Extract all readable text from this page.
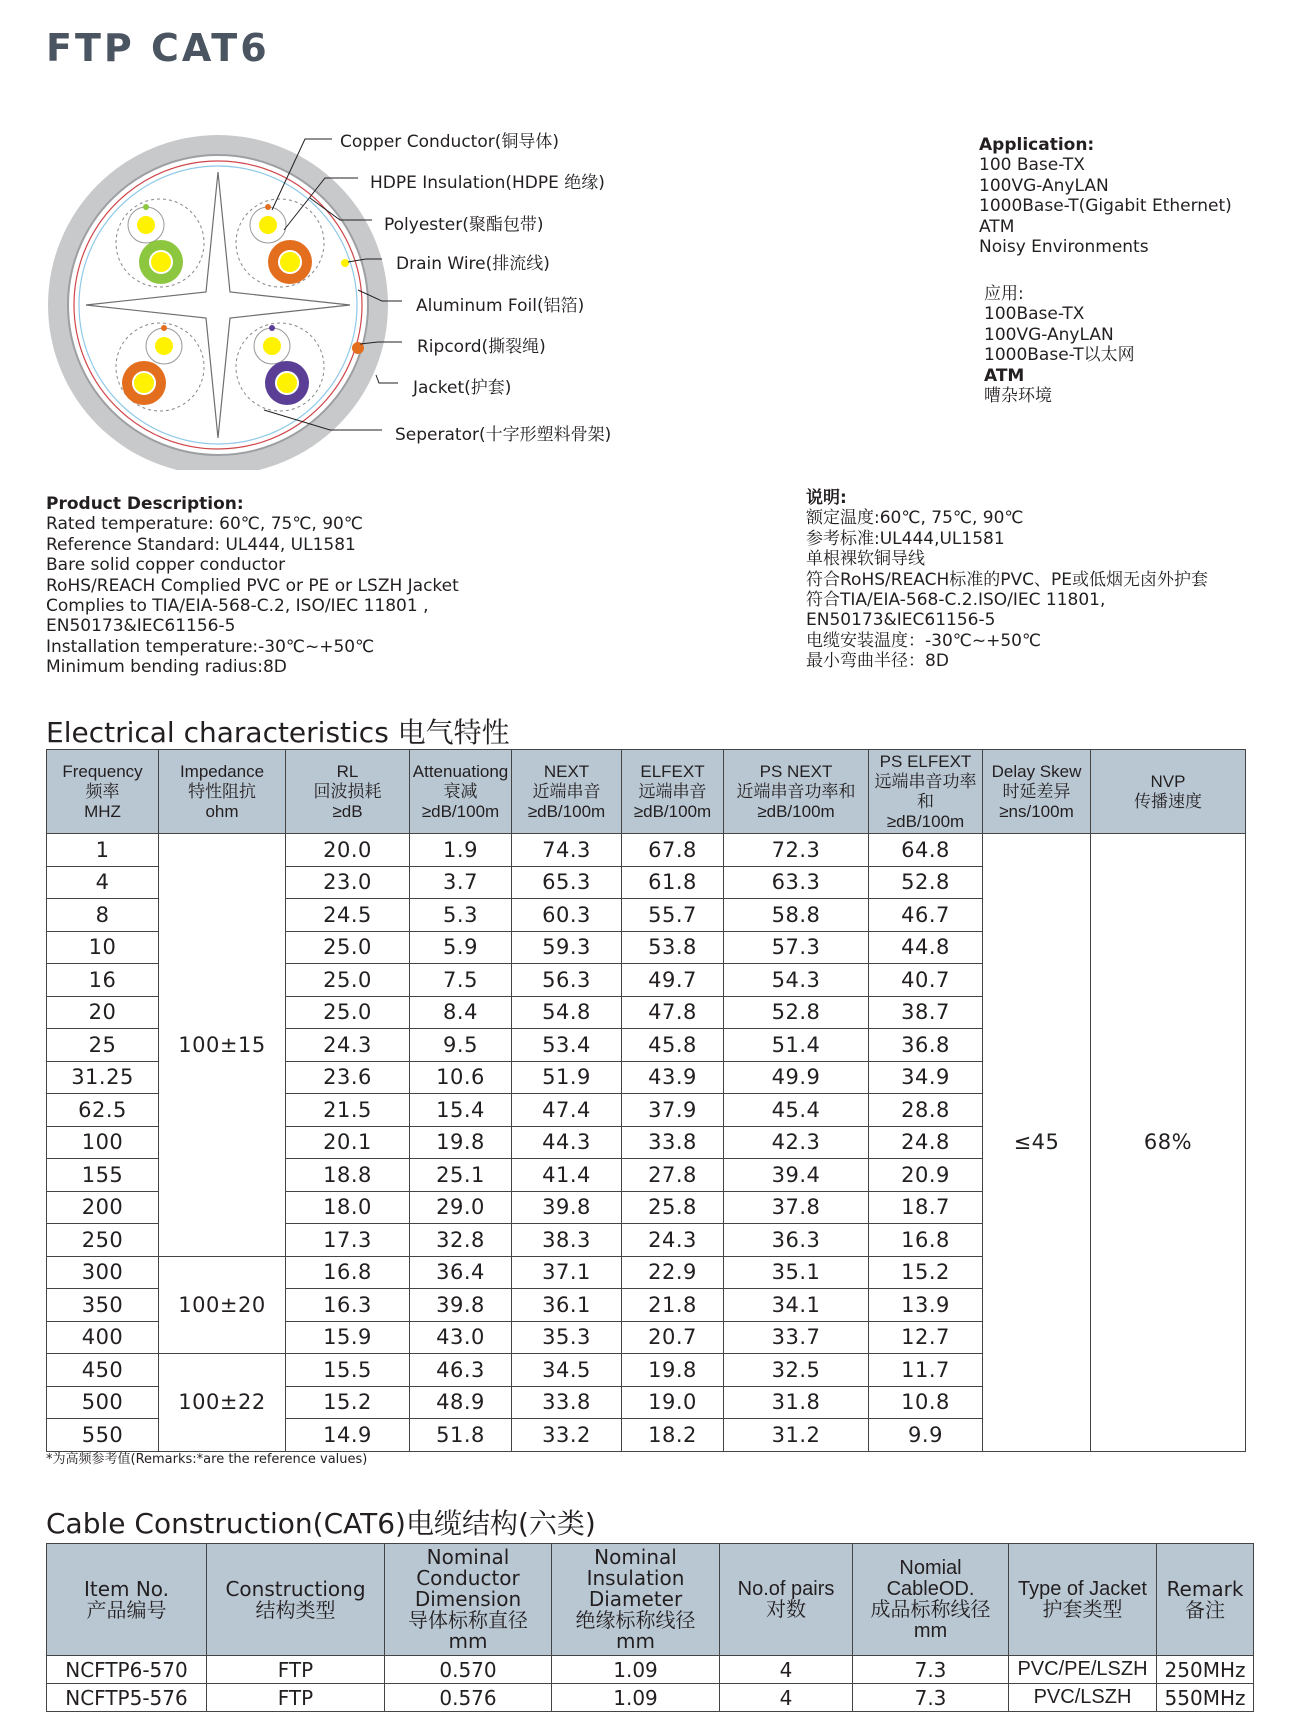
FTP CAT6
Copper Conductor(铜导体)
HDPE Insulation(HDPE 绝缘)
Polyester(聚酯包带)
Drain Wire(排流线)
Aluminum Foil(铝箔)
Ripcord(撕裂绳)
Jacket(护套)
Seperator(十字形塑料骨架)
Application:
100 Base-TX
100VG-AnyLAN
1000Base-T(Gigabit Ethernet)
ATM
Noisy Environments
应用:
100Base-TX
100VG-AnyLAN
1000Base-T以太网
ATM
嘈杂环境
Product Description:
Rated temperature: 60℃, 75℃, 90℃
Reference Standard: UL444, UL1581
Bare solid copper conductor
RoHS/REACH Complied PVC or PE or LSZH Jacket
Complies to TIA/EIA-568-C.2, ISO/IEC 11801 ,
EN50173&IEC61156-5
Installation temperature:-30℃~+50℃
Minimum bending radius:8D
说明:
额定温度:60℃, 75℃, 90℃
参考标准:UL444,UL1581
单根裸软铜导线
符合RoHS/REACH标准的PVC、PE或低烟无卤外护套
符合TIA/EIA-568-C.2.ISO/IEC 11801,
EN50173&IEC61156-5
电缆安装温度：-30℃~+50℃
最小弯曲半径：8D
Electrical characteristics 电气特性
Frequency
频率
MHZ	Impedance
特性阻抗
ohm	RL
回波损耗
≥dB	Attenuationg
衰减
≥dB/100m	NEXT
近端串音
≥dB/100m	ELFEXT
远端串音
≥dB/100m	PS NEXT
近端串音功率和
≥dB/100m	PS ELFEXT
远端串音功率和
≥dB/100m	Delay Skew
时延差异
≥ns/100m	NVP
传播速度

1	100±15	20.0	1.9	74.3	67.8	72.3	64.8	≤45	68%
4		23.0	3.7	65.3	61.8	63.3	52.8		
8		24.5	5.3	60.3	55.7	58.8	46.7		
10		25.0	5.9	59.3	53.8	57.3	44.8		
16		25.0	7.5	56.3	49.7	54.3	40.7		
20		25.0	8.4	54.8	47.8	52.8	38.7		
25		24.3	9.5	53.4	45.8	51.4	36.8		
31.25		23.6	10.6	51.9	43.9	49.9	34.9		
62.5		21.5	15.4	47.4	37.9	45.4	28.8		
100		20.1	19.8	44.3	33.8	42.3	24.8		
155		18.8	25.1	41.4	27.8	39.4	20.9		
200		18.0	29.0	39.8	25.8	37.8	18.7		
250		17.3	32.8	38.3	24.3	36.3	16.8		
300	100±20	16.8	36.4	37.1	22.9	35.1	15.2		
350		16.3	39.8	36.1	21.8	34.1	13.9		
400		15.9	43.0	35.3	20.7	33.7	12.7		
450	100±22	15.5	46.3	34.5	19.8	32.5	11.7		
500		15.2	48.9	33.8	19.0	31.8	10.8		
550		14.9	51.8	33.2	18.2	31.2	9.9		
*为高频参考值(Remarks:*are the reference values)
Cable Construction(CAT6)电缆结构(六类)
Item No.
产品编号	Constructiong
结构类型	Nominal
Conductor
Dimension
导体标称直径
mm	Nominal
Insulation
Diameter
绝缘标称线径
mm	No.of pairs
对数	Nomial
CableOD.
成品标称线径
mm	Type of Jacket
护套类型	Remark
备注

NCFTP6-570	FTP	0.570	1.09	4	7.3	PVC/PE/LSZH	250MHz
NCFTP5-576	FTP	0.576	1.09	4	7.3	PVC/LSZH	550MHz
